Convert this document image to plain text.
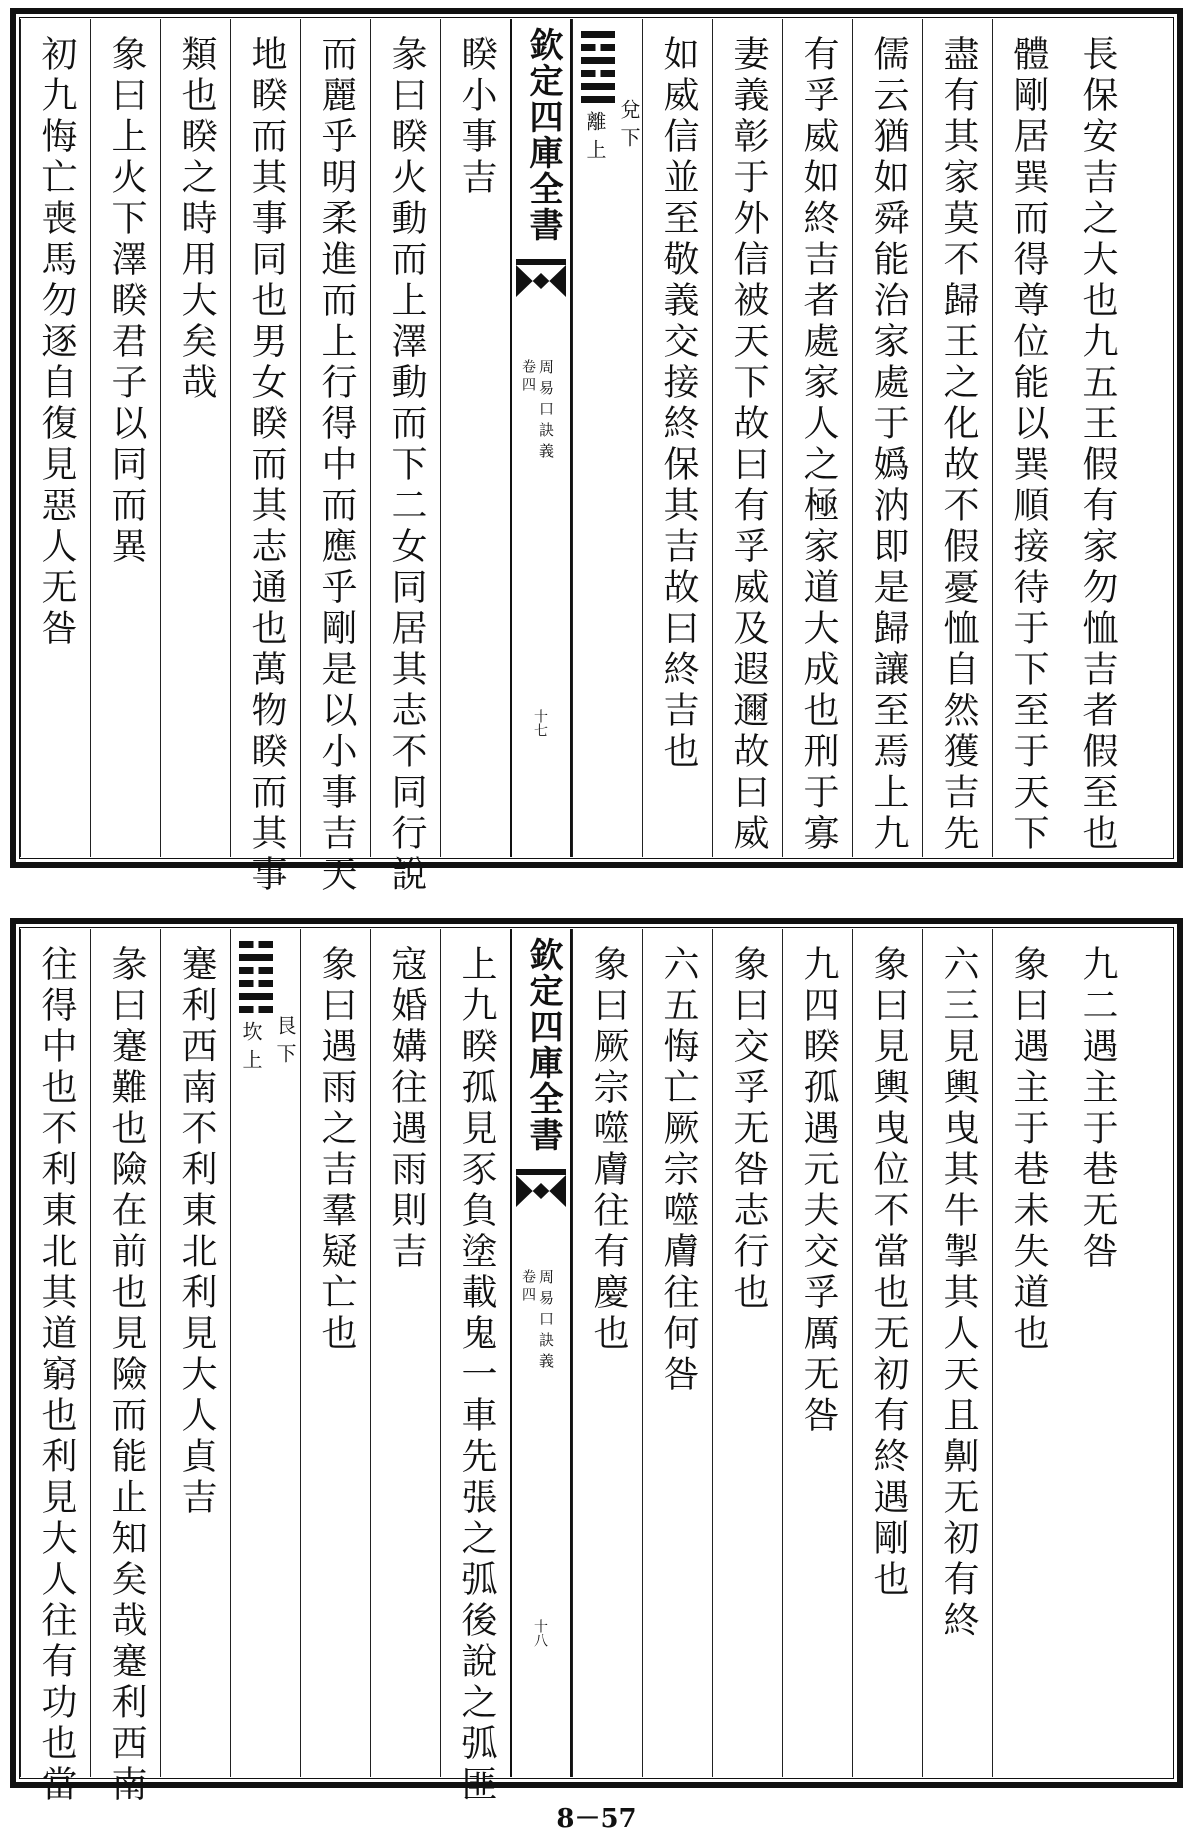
長保安吉之大也九五王假有家勿恤吉者假至也
體剛居巽而得尊位能以巽順接待于下至于天下
盡有其家莫不歸王之化故不假憂恤自然獲吉先
儒云猶如舜能治家處于嬀汭即是歸讓至焉上九
有孚威如終吉者處家人之極家道大成也刑于寡
妻義彰于外信被天下故曰有孚威及遐邇故曰威
如威信並至敬義交接終保其吉故曰終吉也
兌下
離上
欽定四庫全書
周易口訣義
卷四
十七
睽小事吉
彖曰睽火動而上澤動而下二女同居其志不同行說
而麗乎明柔進而上行得中而應乎剛是以小事吉天
地睽而其事同也男女睽而其志通也萬物睽而其事
類也睽之時用大矣哉
象曰上火下澤睽君子以同而異
初九悔亡喪馬勿逐自復見惡人无咎
九二遇主于巷无咎
象曰遇主于巷未失道也
六三見輿曳其牛掣其人天且劓无初有終
象曰見輿曳位不當也无初有終遇剛也
九四睽孤遇元夫交孚厲无咎
象曰交孚无咎志行也
六五悔亡厥宗噬膚往何咎
象曰厥宗噬膚往有慶也
欽定四庫全書
周易口訣義
卷四
十八
上九睽孤見豕負塗載鬼一車先張之弧後說之弧匪
寇婚媾往遇雨則吉
象曰遇雨之吉羣疑亡也
艮下
坎上
蹇利西南不利東北利見大人貞吉
彖曰蹇難也險在前也見險而能止知矣哉蹇利西南
往得中也不利東北其道窮也利見大人往有功也當
8－57
